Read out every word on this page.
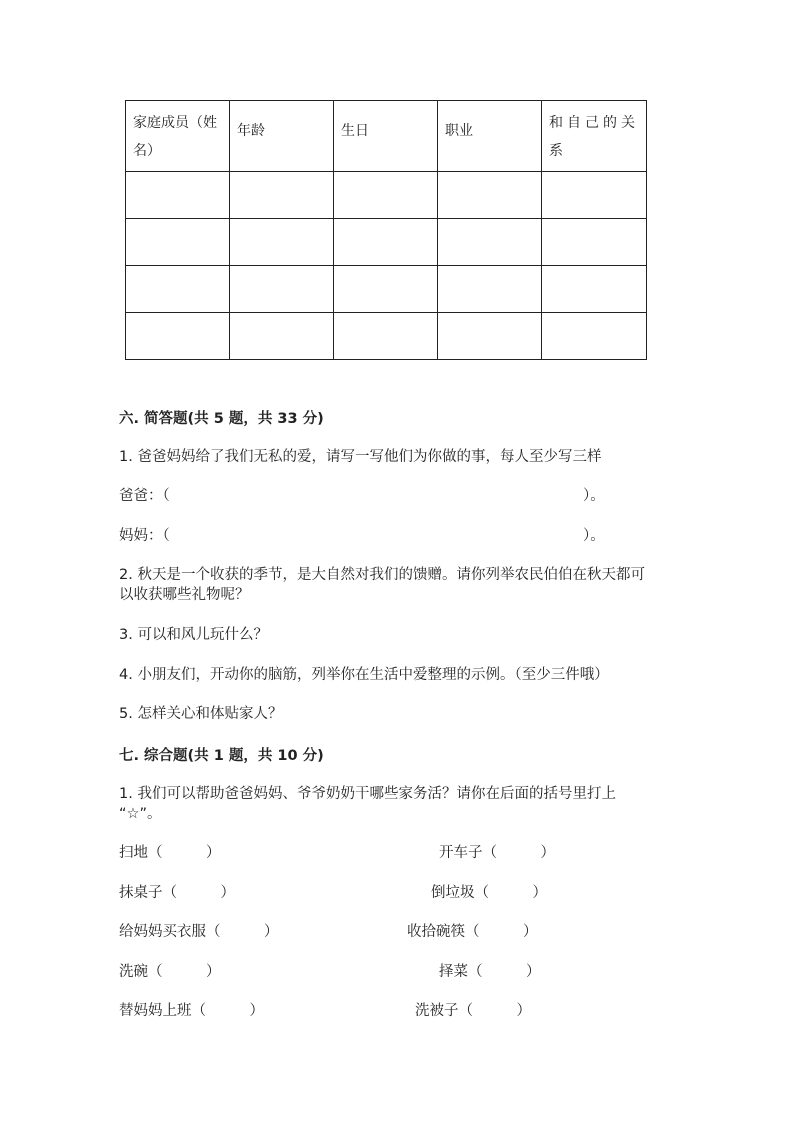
家庭成员（姓名）	年龄	生日	职业	和自己的关系

六. 简答题(共 5 题，共 33 分)
1. 爸爸妈妈给了我们无私的爱，请写一写他们为你做的事，每人至少写三样
爸爸：（	）。
妈妈：（	）。
2. 秋天是一个收获的季节，是大自然对我们的馈赠。请你列举农民伯伯在秋天都可以收获哪些礼物呢？
3. 可以和风儿玩什么？
4. 小朋友们，开动你的脑筋，列举你在生活中爱整理的示例。（至少三件哦）
5. 怎样关心和体贴家人？
七. 综合题(共 1 题，共 10 分)
1. 我们可以帮助爸爸妈妈、爷爷奶奶干哪些家务活？请你在后面的括号里打上
“☆”。
扫地（　　　）	开车子（　　　）
抹桌子（　　　）	倒垃圾（　　　）
给妈妈买衣服（　　　）	收拾碗筷（　　　）
洗碗（　　　）	择菜（　　　）
替妈妈上班（　　　）	洗被子（　　　）
